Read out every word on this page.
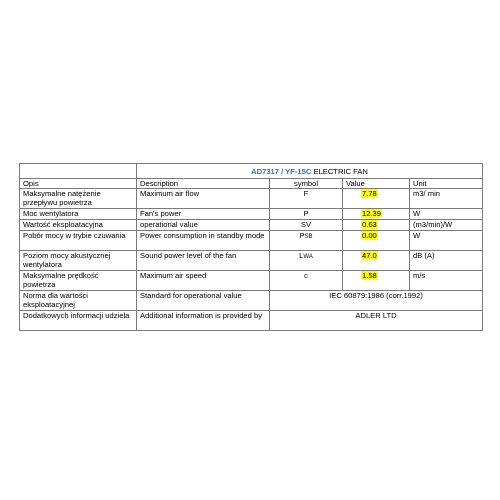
	AD7317 / YF-15C ELECTRIC FAN			
Opis	Description	symbol	Value	Unit
Maksymalne natężenie przepływu powietrza	Maximum air flow	F	7.78	m3/ min
Moc wentylatora	Fan's power	P	12.39	W
Wartość eksploatacyjna	operational value	SV	0.63	(m3/min)/W
Pobór mocy w trybie czuwania	Power consumption in standby mode	PSB	0.00	W
Poziom mocy akustycznej wentylatora	Sound power level of the fan	LWA	47.0	dB (A)
Maksymalne prędkość powietrza	Maximum air speed	c	1.58	m/s
Norma dla wartości eksploatacyjnej	Standard for operational value	IEC 60879:1986 (corr.1992)		
Dodatkowych informacji udziela	Additional information is provided by	ADLER LTD		
